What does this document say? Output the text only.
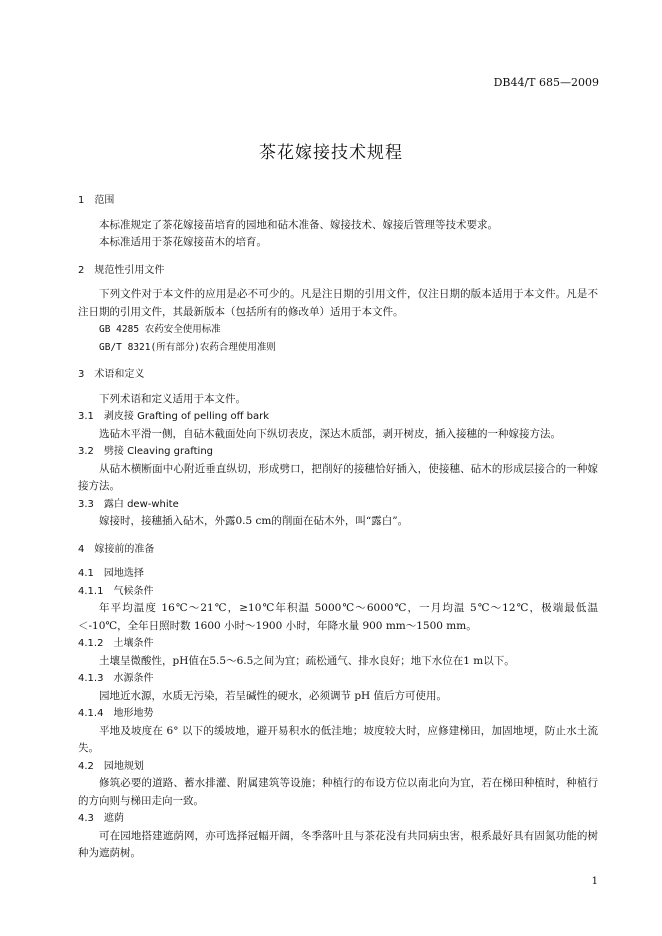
DB44/T 685—2009
茶花嫁接技术规程
1 范围
本标准规定了茶花嫁接苗培育的园地和砧木准备、嫁接技术、嫁接后管理等技术要求。
本标准适用于茶花嫁接苗木的培育。
2 规范性引用文件
下列文件对于本文件的应用是必不可少的。凡是注日期的引用文件，仅注日期的版本适用于本文件。凡是不注日期的引用文件，其最新版本（包括所有的修改单）适用于本文件。
GB 4285 农药安全使用标准
GB/T 8321(所有部分)农药合理使用准则
3 术语和定义
下列术语和定义适用于本文件。
3.1 剥皮接 Grafting of pelling off bark
选砧木平滑一侧，自砧木截面处向下纵切表皮，深达木质部，剥开树皮，插入接穗的一种嫁接方法。
3.2 劈接 Cleaving grafting
从砧木横断面中心附近垂直纵切，形成劈口，把削好的接穗恰好插入，使接穗、砧木的形成层接合的一种嫁接方法。
3.3 露白 dew-white
嫁接时，接穗插入砧木，外露0.5 cm的削面在砧木外，叫“露白”。
4 嫁接前的准备
4.1 园地选择
4.1.1 气候条件
年平均温度 16℃～21℃，≥10℃年积温 5000℃～6000℃，一月均温 5℃～12℃，极端最低温＜-10℃，全年日照时数 1600 小时～1900 小时，年降水量 900 mm～1500 mm。
4.1.2 土壤条件
土壤呈微酸性，pH值在5.5～6.5之间为宜；疏松通气、排水良好；地下水位在1 m以下。
4.1.3 水源条件
园地近水源，水质无污染，若呈碱性的硬水，必须调节 pH 值后方可使用。
4.1.4 地形地势
平地及坡度在 6° 以下的缓坡地，避开易积水的低洼地；坡度较大时，应修建梯田，加固地埂，防止水土流失。
4.2 园地规划
修筑必要的道路、蓄水排灌、附属建筑等设施；种植行的布设方位以南北向为宜，若在梯田种植时，种植行的方向则与梯田走向一致。
4.3 遮荫
可在园地搭建遮荫网，亦可选择冠幅开阔，冬季落叶且与茶花没有共同病虫害，根系最好具有固氮功能的树种为遮荫树。
1
